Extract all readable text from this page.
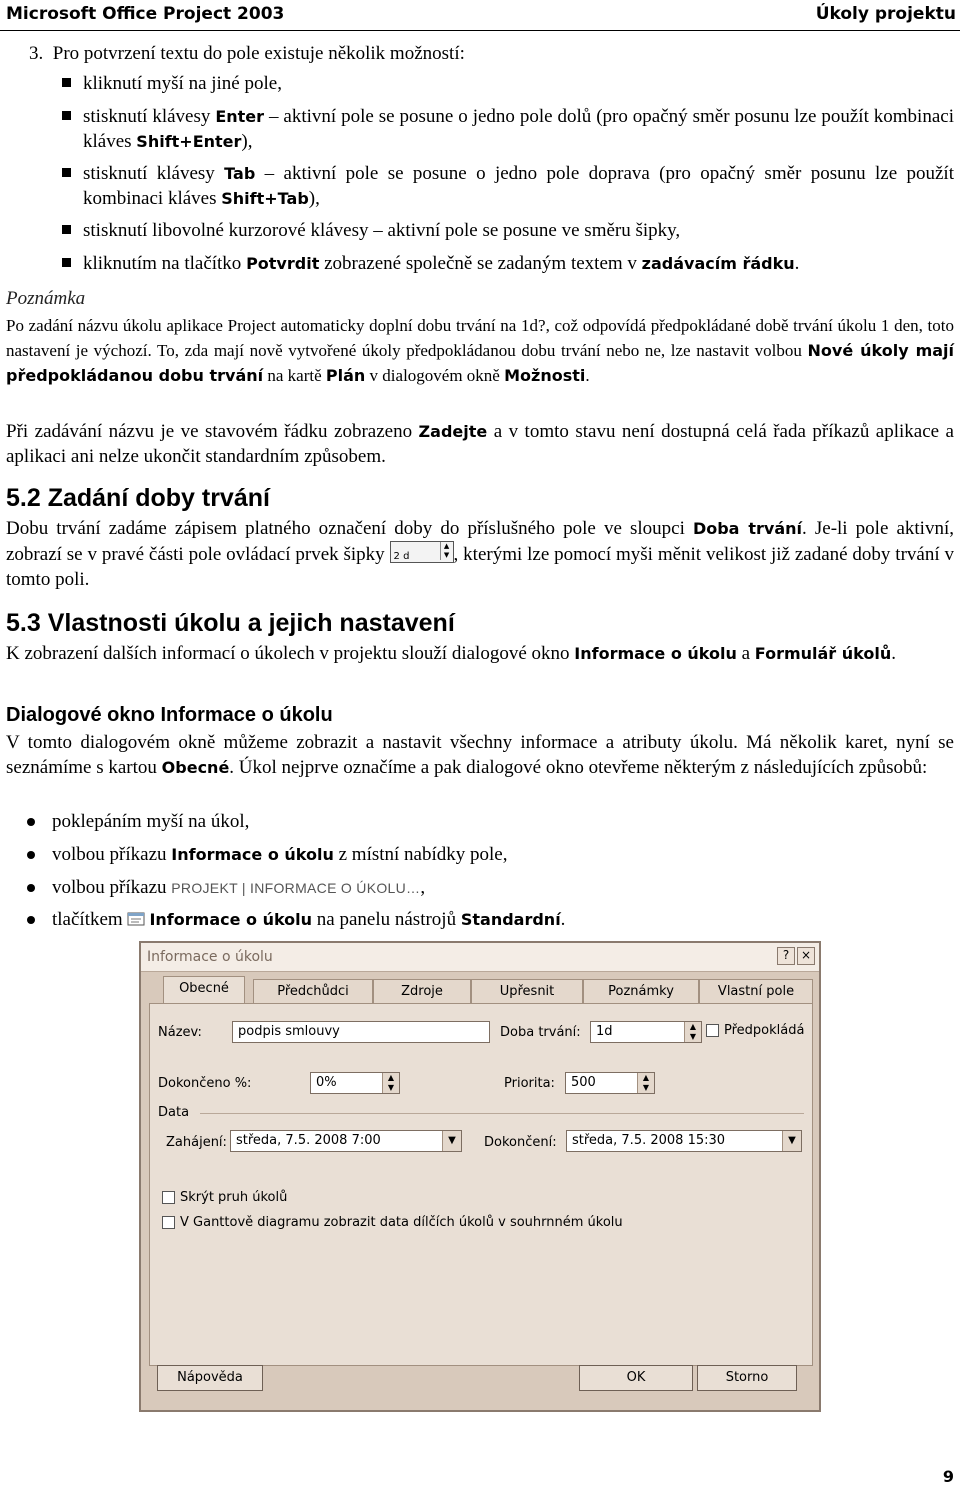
Microsoft Office Project 2003	Úkoly projektu
3. Pro potvrzení textu do pole existuje několik možností:
kliknutí myší na jiné pole,
stisknutí klávesy Enter – aktivní pole se posune o jedno pole dolů (pro opačný směr posunu lze použít kombinaci kláves Shift+Enter),
stisknutí klávesy Tab – aktivní pole se posune o jedno pole doprava (pro opačný směr posunu lze použít kombinaci kláves Shift+Tab),
stisknutí libovolné kurzorové klávesy – aktivní pole se posune ve směru šipky,
kliknutím na tlačítko Potvrdit zobrazené společně se zadaným textem v zadávacím řádku.
Poznámka
Po zadání názvu úkolu aplikace Project automaticky doplní dobu trvání na 1d?, což odpovídá předpokládané době trvání úkolu 1 den, toto nastavení je výchozí. To, zda mají nově vytvořené úkoly předpokládanou dobu trvání nebo ne, lze nastavit volbou Nové úkoly mají předpokládanou dobu trvání na kartě Plán v dialogovém okně Možnosti.
Při zadávání názvu je ve stavovém řádku zobrazeno Zadejte a v tomto stavu není dostupná celá řada příkazů aplikace a aplikaci ani nelze ukončit standardním způsobem.
5.2 Zadání doby trvání
Dobu trvání zadáme zápisem platného označení doby do příslušného pole ve sloupci Doba trvání. Je-li pole aktivní, zobrazí se v pravé části pole ovládací prvek šipky 2 d
▲
▼ , kterými lze pomocí myši měnit velikost již zadané doby trvání v tomto poli.
5.3 Vlastnosti úkolu a jejich nastavení
K zobrazení dalších informací o úkolech v projektu slouží dialogové okno Informace o úkolu a Formulář úkolů.
Dialogové okno Informace o úkolu
V tomto dialogovém okně můžeme zobrazit a nastavit všechny informace a atributy úkolu. Má několik karet, nyní se seznámíme s kartou Obecné. Úkol nejprve označíme a pak dialogové okno otevřeme některým z následujících způsobů:
poklepáním myší na úkol,
volbou příkazu Informace o úkolu z místní nabídky pole,
volbou příkazu PROJEKT | INFORMACE O ÚKOLU…,
tlačítkem Informace o úkolu na panelu nástrojů Standardní.
Informace o úkolu	? ×
Obecné	Předchůdci	Zdroje	Upřesnit	Poznámky	Vlastní pole
Název:	podpis smlouvy	Doba trvání:	1d	▲
▼	Předpokládá
Dokončeno %:	0%	▲
▼	Priorita:	500	▲
▼
Data
Zahájení: středa, 7.5. 2008 7:00	▼	Dokončení:	středa, 7.5. 2008 15:30	▼
Skrýt pruh úkolů
V Ganttově diagramu zobrazit data dílčích úkolů v souhrnném úkolu
Nápověda	OK	Storno
9
